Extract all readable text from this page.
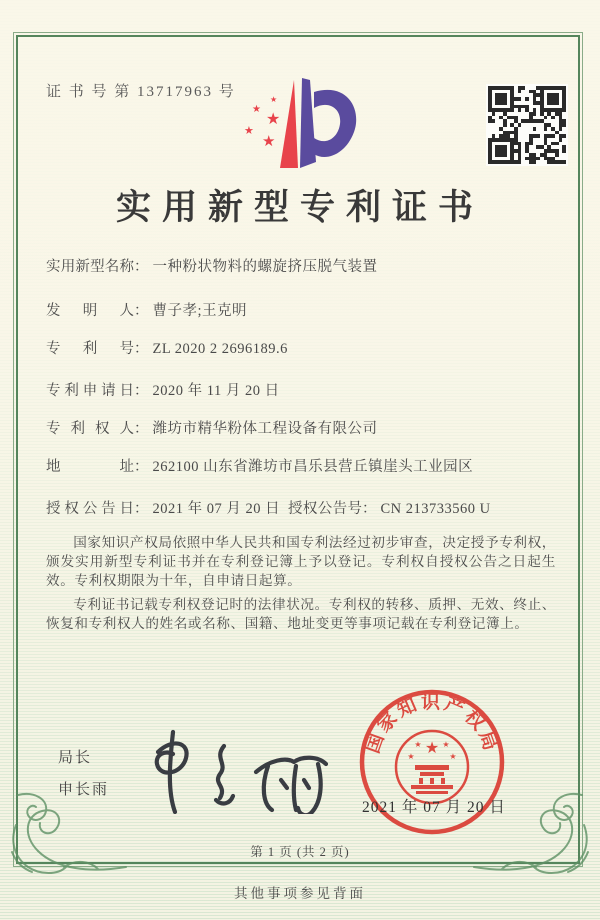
证 书 号 第 13717963 号	★
★ ★
★
★
实用新型专利证书
实用新型名称： 一种粉状物料的螺旋挤压脱气装置
发明人： 曹子孝;王克明
专利号： ZL 2020 2 2696189.6
专利申请日： 2020 年 11 月 20 日
专利权人： 潍坊市精华粉体工程设备有限公司
地址： 262100 山东省潍坊市昌乐县营丘镇崖头工业园区
授权公告日： 2021 年 07 月 20 日 授权公告号： CN 213733560 U

国家知识产权局依照中华人民共和国专利法经过初步审查，决定授予专利权，颁发实用新型专利证书并在专利登记簿上予以登记。专利权自授权公告之日起生效。专利权期限为十年，自申请日起算。

专利证书记载专利权登记时的法律状况。专利权的转移、质押、无效、终止、恢复和专利权人的姓名或名称、国籍、地址变更等事项记载在专利登记簿上。

局长
申长雨
国家知识产权局
★
★	★
★	★
2021 年 07 月 20 日
第 1 页 (共 2 页)
其他事项参见背面
